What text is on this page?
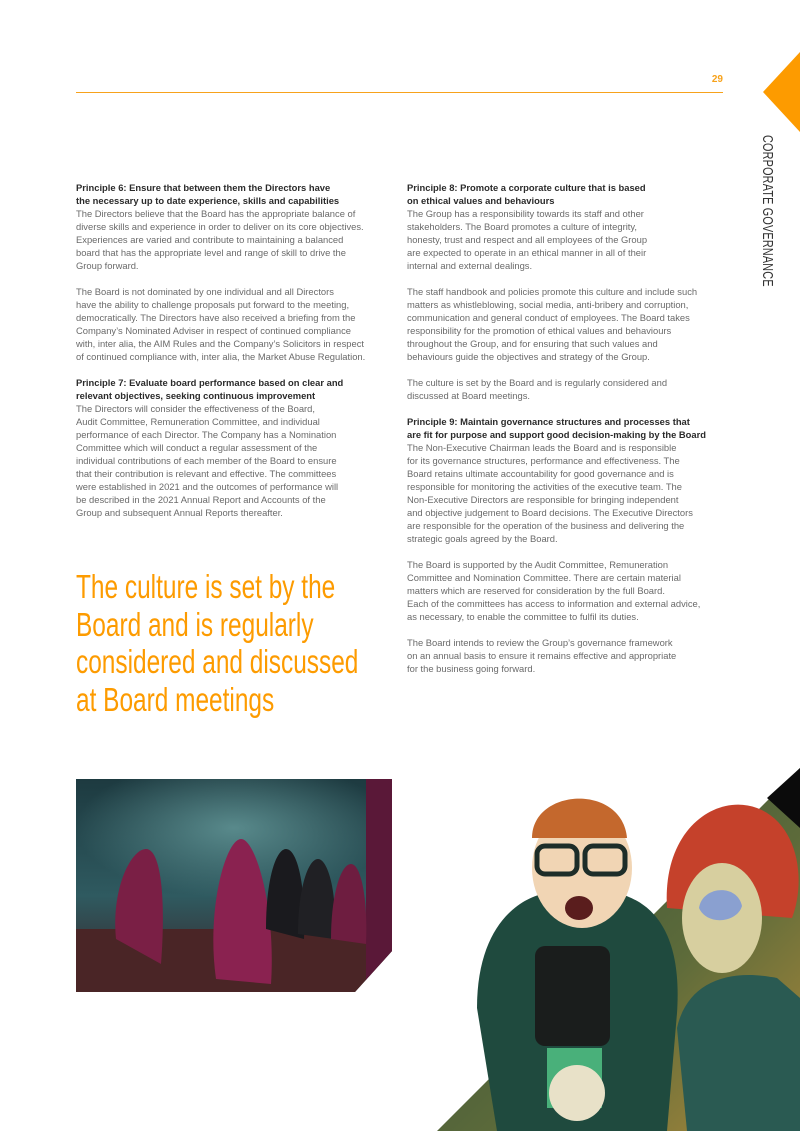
29
CORPORATE GOVERNANCE
Principle 6: Ensure that between them the Directors have
the necessary up to date experience, skills and capabilities
The Directors believe that the Board has the appropriate balance of
diverse skills and experience in order to deliver on its core objectives.
Experiences are varied and contribute to maintaining a balanced
board that has the appropriate level and range of skill to drive the
Group forward.
The Board is not dominated by one individual and all Directors
have the ability to challenge proposals put forward to the meeting,
democratically. The Directors have also received a briefing from the
Company’s Nominated Adviser in respect of continued compliance
with, inter alia, the AIM Rules and the Company’s Solicitors in respect
of continued compliance with, inter alia, the Market Abuse Regulation.
Principle 7: Evaluate board performance based on clear and
relevant objectives, seeking continuous improvement
The Directors will consider the effectiveness of the Board,
Audit Committee, Remuneration Committee, and individual
performance of each Director. The Company has a Nomination
Committee which will conduct a regular assessment of the
individual contributions of each member of the Board to ensure
that their contribution is relevant and effective. The committees
were established in 2021 and the outcomes of performance will
be described in the 2021 Annual Report and Accounts of the
Group and subsequent Annual Reports thereafter.
Principle 8: Promote a corporate culture that is based
on ethical values and behaviours
The Group has a responsibility towards its staff and other
stakeholders. The Board promotes a culture of integrity,
honesty, trust and respect and all employees of the Group
are expected to operate in an ethical manner in all of their
internal and external dealings.
The staff handbook and policies promote this culture and include such
matters as whistleblowing, social media, anti-bribery and corruption,
communication and general conduct of employees. The Board takes
responsibility for the promotion of ethical values and behaviours
throughout the Group, and for ensuring that such values and
behaviours guide the objectives and strategy of the Group.
The culture is set by the Board and is regularly considered and
discussed at Board meetings.
Principle 9: Maintain governance structures and processes that
are fit for purpose and support good decision-making by the Board
The Non-Executive Chairman leads the Board and is responsible
for its governance structures, performance and effectiveness. The
Board retains ultimate accountability for good governance and is
responsible for monitoring the activities of the executive team. The
Non-Executive Directors are responsible for bringing independent
and objective judgement to Board decisions. The Executive Directors
are responsible for the operation of the business and delivering the
strategic goals agreed by the Board.
The Board is supported by the Audit Committee, Remuneration
Committee and Nomination Committee. There are certain material
matters which are reserved for consideration by the full Board.
Each of the committees has access to information and external advice,
as necessary, to enable the committee to fulfil its duties.
The Board intends to review the Group’s governance framework
on an annual basis to ensure it remains effective and appropriate
for the business going forward.
The culture is set by the
Board and is regularly
considered and discussed
at Board meetings
